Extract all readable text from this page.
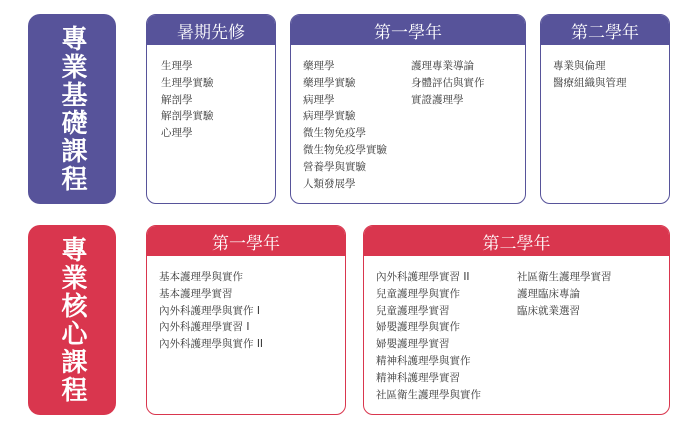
專業基礎課程	暑期先修
生理學
生理學實驗
解剖學
解剖學實驗
心理學
第一學年
藥理學
藥理學實驗
病理學
病理學實驗
微生物免疫學
微生物免疫學實驗
營養學與實驗
人類發展學
護理專業導論
身體評估與實作
實證護理學
第二學年
專業與倫理
醫療組織與管理
專業核心課程	第一學年
基本護理學與實作
基本護理學實習
內外科護理學與實作 I
內外科護理學實習 I
內外科護理學與實作 II
第二學年
內外科護理學實習 II
兒童護理學與實作
兒童護理學實習
婦嬰護理學與實作
婦嬰護理學實習
精神科護理學與實作
精神科護理學實習
社區衛生護理學與實作
社區衛生護理學實習
護理臨床專論
臨床就業選習
